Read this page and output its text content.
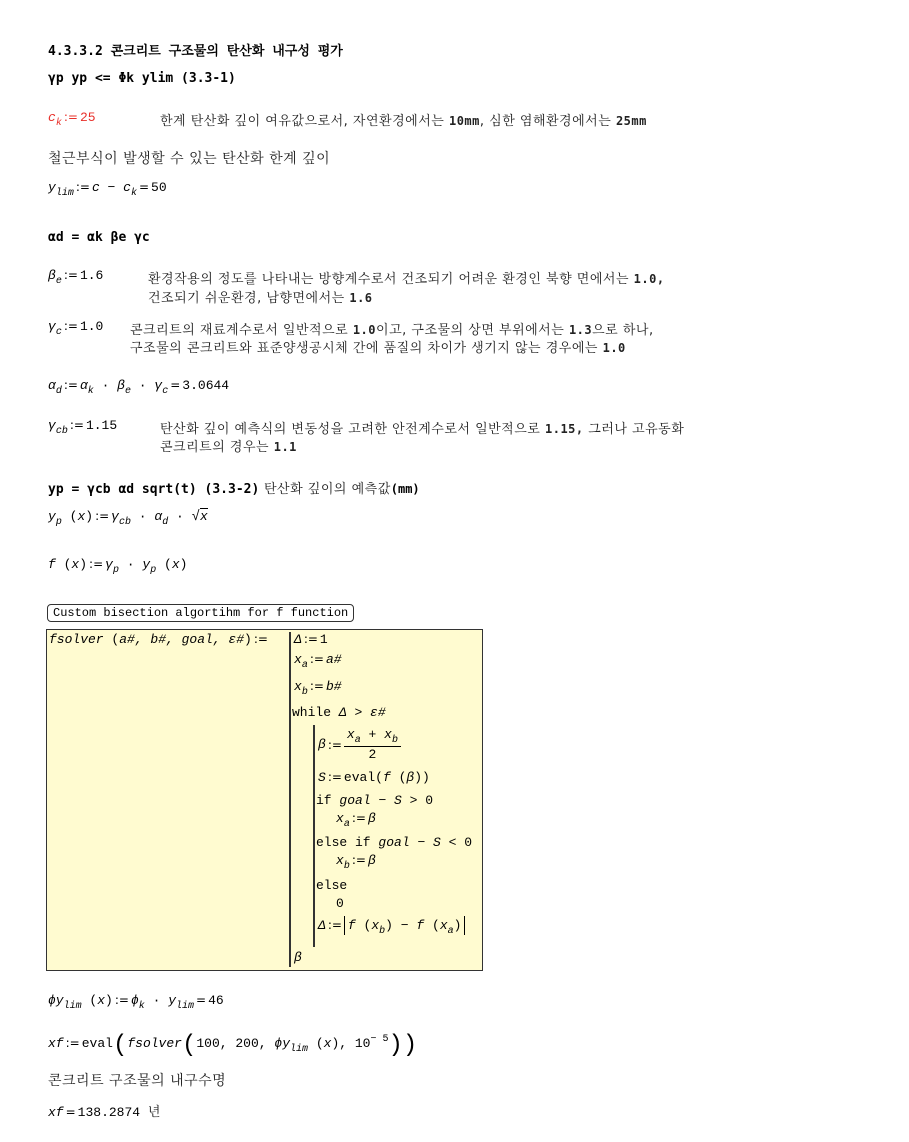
4.3.3.2 콘크리트 구조물의 탄산화 내구성 평가
γp yp <= Φk ylim (3.3-1)
$c_k$ := 25	한계 탄산화 깊이 여유값으로서, 자연환경에서는 10mm, 심한 염해환경에서는 25mm
철근부식이 발생할 수 있는 탄산화 한계 깊이
$y_{lim}$ := $c - c_k = 50$
αd = αk βe γc
$\beta_e$ := 1.6	환경작용의 정도를 나타내는 방향계수로서 건조되기 어려운 환경인 북향 면에서는 1.0,
건조되기 쉬운환경, 남향면에서는 1.6
$\gamma_c$ := 1.0 콘크리트의 재료계수로서 일반적으로 1.0이고, 구조물의 상면 부위에서는 1.3으로 하나,
구조물의 콘크리트와 표준양생공시체 간에 품질의 차이가 생기지 않는 경우에는 1.0
$\alpha_d$ := $\alpha_k \cdot \beta_e \cdot \gamma_c = 3.0644$
$\gamma_{cb}$ := 1.15	탄산화 깊이 예측식의 변동성을 고려한 안전계수로서 일반적으로 1.15, 그러나 고유동화
콘크리트의 경우는 1.1
yp = γcb αd sqrt(t) (3.3-2) 탄산화 깊이의 예측값(mm)
$y_p$ (x) := $\gamma_{cb} \cdot \alpha_d \cdot √x$
f (x) := $\gamma_p \cdot y_p$ (x)
Custom bisection algortihm for f function
fsolver (a#, b#, goal, ε#) := Δ := 1
$x_a$ := a#
$x_b$ := b#
while Δ > ε#
β := $\frac{x_a + x_b}{2}$
S := eval(f (β))
if goal − S > 0
$x_a$ := β
else if goal − S < 0
$x_b$ := β
else
0
Δ := f $(x_b) - f$ $(x_a)$
β
$\phi y_{lim}$ (x) := $\phi_k \cdot y_{lim} = 46$
xf := eval(fsolver(100, 200, $\phi y_{lim}$ (x), $10^{- 5}$))
콘크리트 구조물의 내구수명
xf = 138.2874 년
